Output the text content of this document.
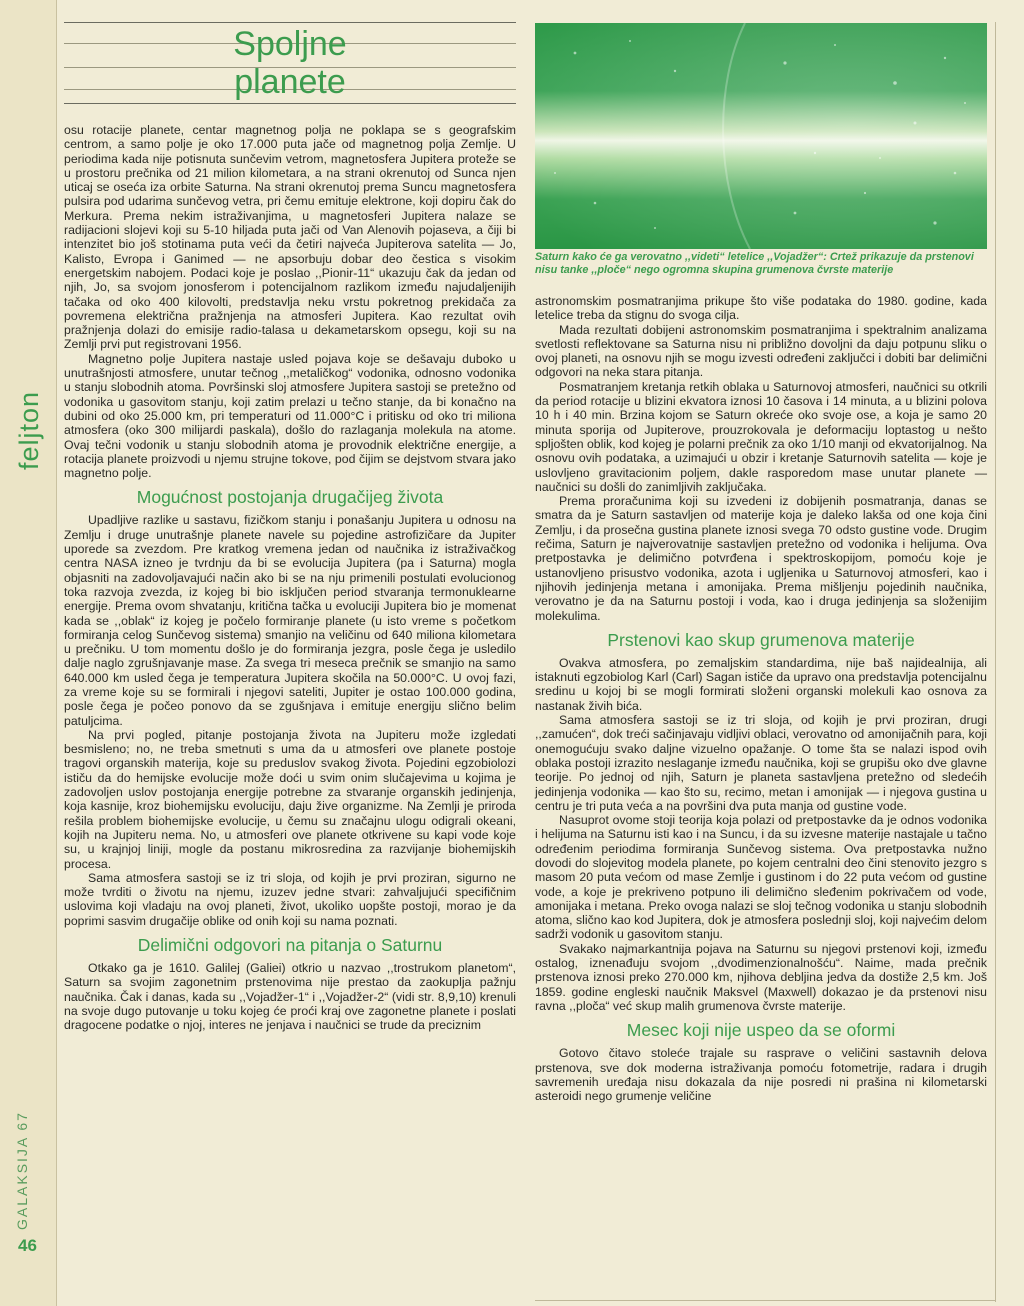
feljton
GALAKSIJA 67
46
Spoljne
planete
Saturn kako će ga verovatno ,,videti“ letelice ,,Vojadžer“: Crtež prikazuje da prstenovi nisu tanke ,,ploče“ nego ogromna skupina grumenova čvrste materije

osu rotacije planete, centar magnetnog polja ne poklapa se s geografskim centrom, a samo polje je oko 17.000 puta jače od magnetnog polja Zemlje. U periodima kada nije potisnuta sunčevim vetrom, magnetosfera Jupitera proteže se u prostoru prečnika od 21 milion kilometara, a na strani okrenutoj od Sunca njen uticaj se oseća iza orbite Saturna. Na strani okrenutoj prema Suncu magnetosfera pulsira pod udarima sunčevog vetra, pri čemu emituje elektrone, koji dopiru čak do Merkura. Prema nekim istraživanjima, u magnetosferi Jupitera nalaze se radijacioni slojevi koji su 5-10 hiljada puta jači od Van Alenovih pojaseva, a čiji bi intenzitet bio još stotinama puta veći da četiri najveća Jupiterova satelita — Jo, Kalisto, Evropa i Ganimed — ne apsorbuju dobar deo čestica s visokim energetskim nabojem. Podaci koje je poslao ,,Pionir-11“ ukazuju čak da jedan od njih, Jo, sa svojom jonosferom i potencijalnom razlikom između najudaljenijih tačaka od oko 400 kilovolti, predstavlja neku vrstu pokretnog prekidača za povremena električna pražnjenja na atmosferi Jupitera. Kao rezultat ovih pražnjenja dolazi do emisije radio-talasa u dekametarskom opsegu, koji su na Zemlji prvi put registrovani 1956.

Magnetno polje Jupitera nastaje usled pojava koje se dešavaju duboko u unutrašnjosti atmosfere, unutar tečnog ,,metaličkog“ vodonika, odnosno vodonika u stanju slobodnih atoma. Površinski sloj atmosfere Jupitera sastoji se pretežno od vodonika u gasovitom stanju, koji zatim prelazi u tečno stanje, da bi konačno na dubini od oko 25.000 km, pri temperaturi od 11.000°C i pritisku od oko tri miliona atmosfera (oko 300 milijardi paskala), došlo do razlaganja molekula na atome. Ovaj tečni vodonik u stanju slobodnih atoma je provodnik električne energije, a rotacija planete proizvodi u njemu strujne tokove, pod čijim se dejstvom stvara jako magnetno polje.

Mogućnost postojanja drugačijeg života

Upadljive razlike u sastavu, fizičkom stanju i ponašanju Jupitera u odnosu na Zemlju i druge unutrašnje planete navele su pojedine astrofizičare da Jupiter uporede sa zvezdom. Pre kratkog vremena jedan od naučnika iz istraživačkog centra NASA izneo je tvrdnju da bi se evolucija Jupitera (pa i Saturna) mogla objasniti na zadovoljavajući način ako bi se na nju primenili postulati evolucionog toka razvoja zvezda, iz kojeg bi bio isključen period stvaranja termonuklearne energije. Prema ovom shvatanju, kritična tačka u evoluciji Jupitera bio je momenat kada se ,,oblak“ iz kojeg je počelo formiranje planete (u isto vreme s početkom formiranja celog Sunčevog sistema) smanjio na veličinu od 640 miliona kilometara u prečniku. U tom momentu došlo je do formiranja jezgra, posle čega je usledilo dalje naglo zgrušnjavanje mase. Za svega tri meseca prečnik se smanjio na samo 640.000 km usled čega je temperatura Jupitera skočila na 50.000°C. U ovoj fazi, za vreme koje su se formirali i njegovi sateliti, Jupiter je ostao 100.000 godina, posle čega je počeo ponovo da se zgušnjava i emituje energiju slično belim patuljcima.

Na prvi pogled, pitanje postojanja života na Jupiteru može izgledati besmisleno; no, ne treba smetnuti s uma da u atmosferi ove planete postoje tragovi organskih materija, koje su preduslov svakog života. Pojedini egzobiolozi ističu da do hemijske evolucije može doći u svim onim slučajevima u kojima je zadovoljen uslov postojanja energije potrebne za stvaranje organskih jedinjenja, koja kasnije, kroz biohemijsku evoluciju, daju žive organizme. Na Zemlji je priroda rešila problem biohemijske evolucije, u čemu su značajnu ulogu odigrali okeani, kojih na Jupiteru nema. No, u atmosferi ove planete otkrivene su kapi vode koje su, u krajnjoj liniji, mogle da postanu mikrosredina za razvijanje biohemijskih procesa.

Sama atmosfera sastoji se iz tri sloja, od kojih je prvi proziran, sigurno ne može tvrditi o životu na njemu, izuzev jedne stvari: zahvaljujući specifičnim uslovima koji vladaju na ovoj planeti, život, ukoliko uopšte postoji, morao je da poprimi sasvim drugačije oblike od onih koji su nama poznati.

Delimični odgovori na pitanja o Saturnu

Otkako ga je 1610. Galilej (Galiei) otkrio u nazvao ,,trostrukom planetom“, Saturn sa svojim zagonetnim prstenovima nije prestao da zaokuplja pažnju naučnika. Čak i danas, kada su ,,Vojadžer-1“ i ,,Vojadžer-2“ (vidi str. 8,9,10) krenuli na svoje dugo putovanje u toku kojeg će proći kraj ove zagonetne planete i poslati dragocene podatke o njoj, interes ne jenjava i naučnici se trude da preciznim

astronomskim posmatranjima prikupe što više podataka do 1980. godine, kada letelice treba da stignu do svoga cilja.

Mada rezultati dobijeni astronomskim posmatranjima i spektralnim analizama svetlosti reflektovane sa Saturna nisu ni približno dovoljni da daju potpunu sliku o ovoj planeti, na osnovu njih se mogu izvesti određeni zaključci i dobiti bar delimični odgovori na neka stara pitanja.

Posmatranjem kretanja retkih oblaka u Saturnovoj atmosferi, naučnici su otkrili da period rotacije u blizini ekvatora iznosi 10 časova i 14 minuta, a u blizini polova 10 h i 40 min. Brzina kojom se Saturn okreće oko svoje ose, a koja je samo 20 minuta sporija od Jupiterove, prouzrokovala je deformaciju loptastog u nešto spljošten oblik, kod kojeg je polarni prečnik za oko 1/10 manji od ekvatorijalnog. Na osnovu ovih podataka, a uzimajući u obzir i kretanje Saturnovih satelita — koje je uslovljeno gravitacionim poljem, dakle rasporedom mase unutar planete — naučnici su došli do zanimljivih zaključaka.

Prema proračunima koji su izvedeni iz dobijenih posmatranja, danas se smatra da je Saturn sastavljen od materije koja je daleko lakša od one koja čini Zemlju, i da prosečna gustina planete iznosi svega 70 odsto gustine vode. Drugim rečima, Saturn je najverovatnije sastavljen pretežno od vodonika i helijuma. Ova pretpostavka je delimično potvrđena i spektroskopijom, pomoću koje je ustanovljeno prisustvo vodonika, azota i ugljenika u Saturnovoj atmosferi, kao i njihovih jedinjenja metana i amonijaka. Prema mišljenju pojedinih naučnika, verovatno je da na Saturnu postoji i voda, kao i druga jedinjenja sa složenijim molekulima.

Prstenovi kao skup grumenova materije

Ovakva atmosfera, po zemaljskim standardima, nije baš najidealnija, ali istaknuti egzobiolog Karl (Carl) Sagan ističe da upravo ona predstavlja potencijalnu sredinu u kojoj bi se mogli formirati složeni organski molekuli kao osnova za nastanak živih bića.

Sama atmosfera sastoji se iz tri sloja, od kojih je prvi proziran, drugi ,,zamućen“, dok treći sačinjavaju vidljivi oblaci, verovatno od amonijačnih para, koji onemogućuju svako daljne vizuelno opažanje. O tome šta se nalazi ispod ovih oblaka postoji izrazito neslaganje između naučnika, koji se grupišu oko dve glavne teorije. Po jednoj od njih, Saturn je planeta sastavljena pretežno od sledećih jedinjenja vodonika — kao što su, recimo, metan i amonijak — i njegova gustina u centru je tri puta veća a na površini dva puta manja od gustine vode.

Nasuprot ovome stoji teorija koja polazi od pretpostavke da je odnos vodonika i helijuma na Saturnu isti kao i na Suncu, i da su izvesne materije nastajale u tačno određenim periodima formiranja Sunčevog sistema. Ova pretpostavka nužno dovodi do slojevitog modela planete, po kojem centralni deo čini stenovito jezgro s masom 20 puta većom od mase Zemlje i gustinom i do 22 puta većom od gustine vode, a koje je prekriveno potpuno ili delimično sleđenim pokrivačem od vode, amonijaka i metana. Preko ovoga nalazi se sloj tečnog vodonika u stanju slobodnih atoma, slično kao kod Jupitera, dok je atmosfera poslednji sloj, koji najvećim delom sadrži vodonik u gasovitom stanju.

Svakako najmarkantnija pojava na Saturnu su njegovi prstenovi koji, između ostalog, iznenađuju svojom ,,dvodimenzionalnošću“. Naime, mada prečnik prstenova iznosi preko 270.000 km, njihova debljina jedva da dostiže 2,5 km. Još 1859. godine engleski naučnik Maksvel (Maxwell) dokazao je da prstenovi nisu ravna ,,ploča“ već skup malih grumenova čvrste materije.

Mesec koji nije uspeo da se oformi

Gotovo čitavo stoleće trajale su rasprave o veličini sastavnih delova prstenova, sve dok moderna istraživanja pomoću fotometrije, radara i drugih savremenih uređaja nisu dokazala da nije posredi ni prašina ni kilometarski asteroidi nego grumenje veličine
